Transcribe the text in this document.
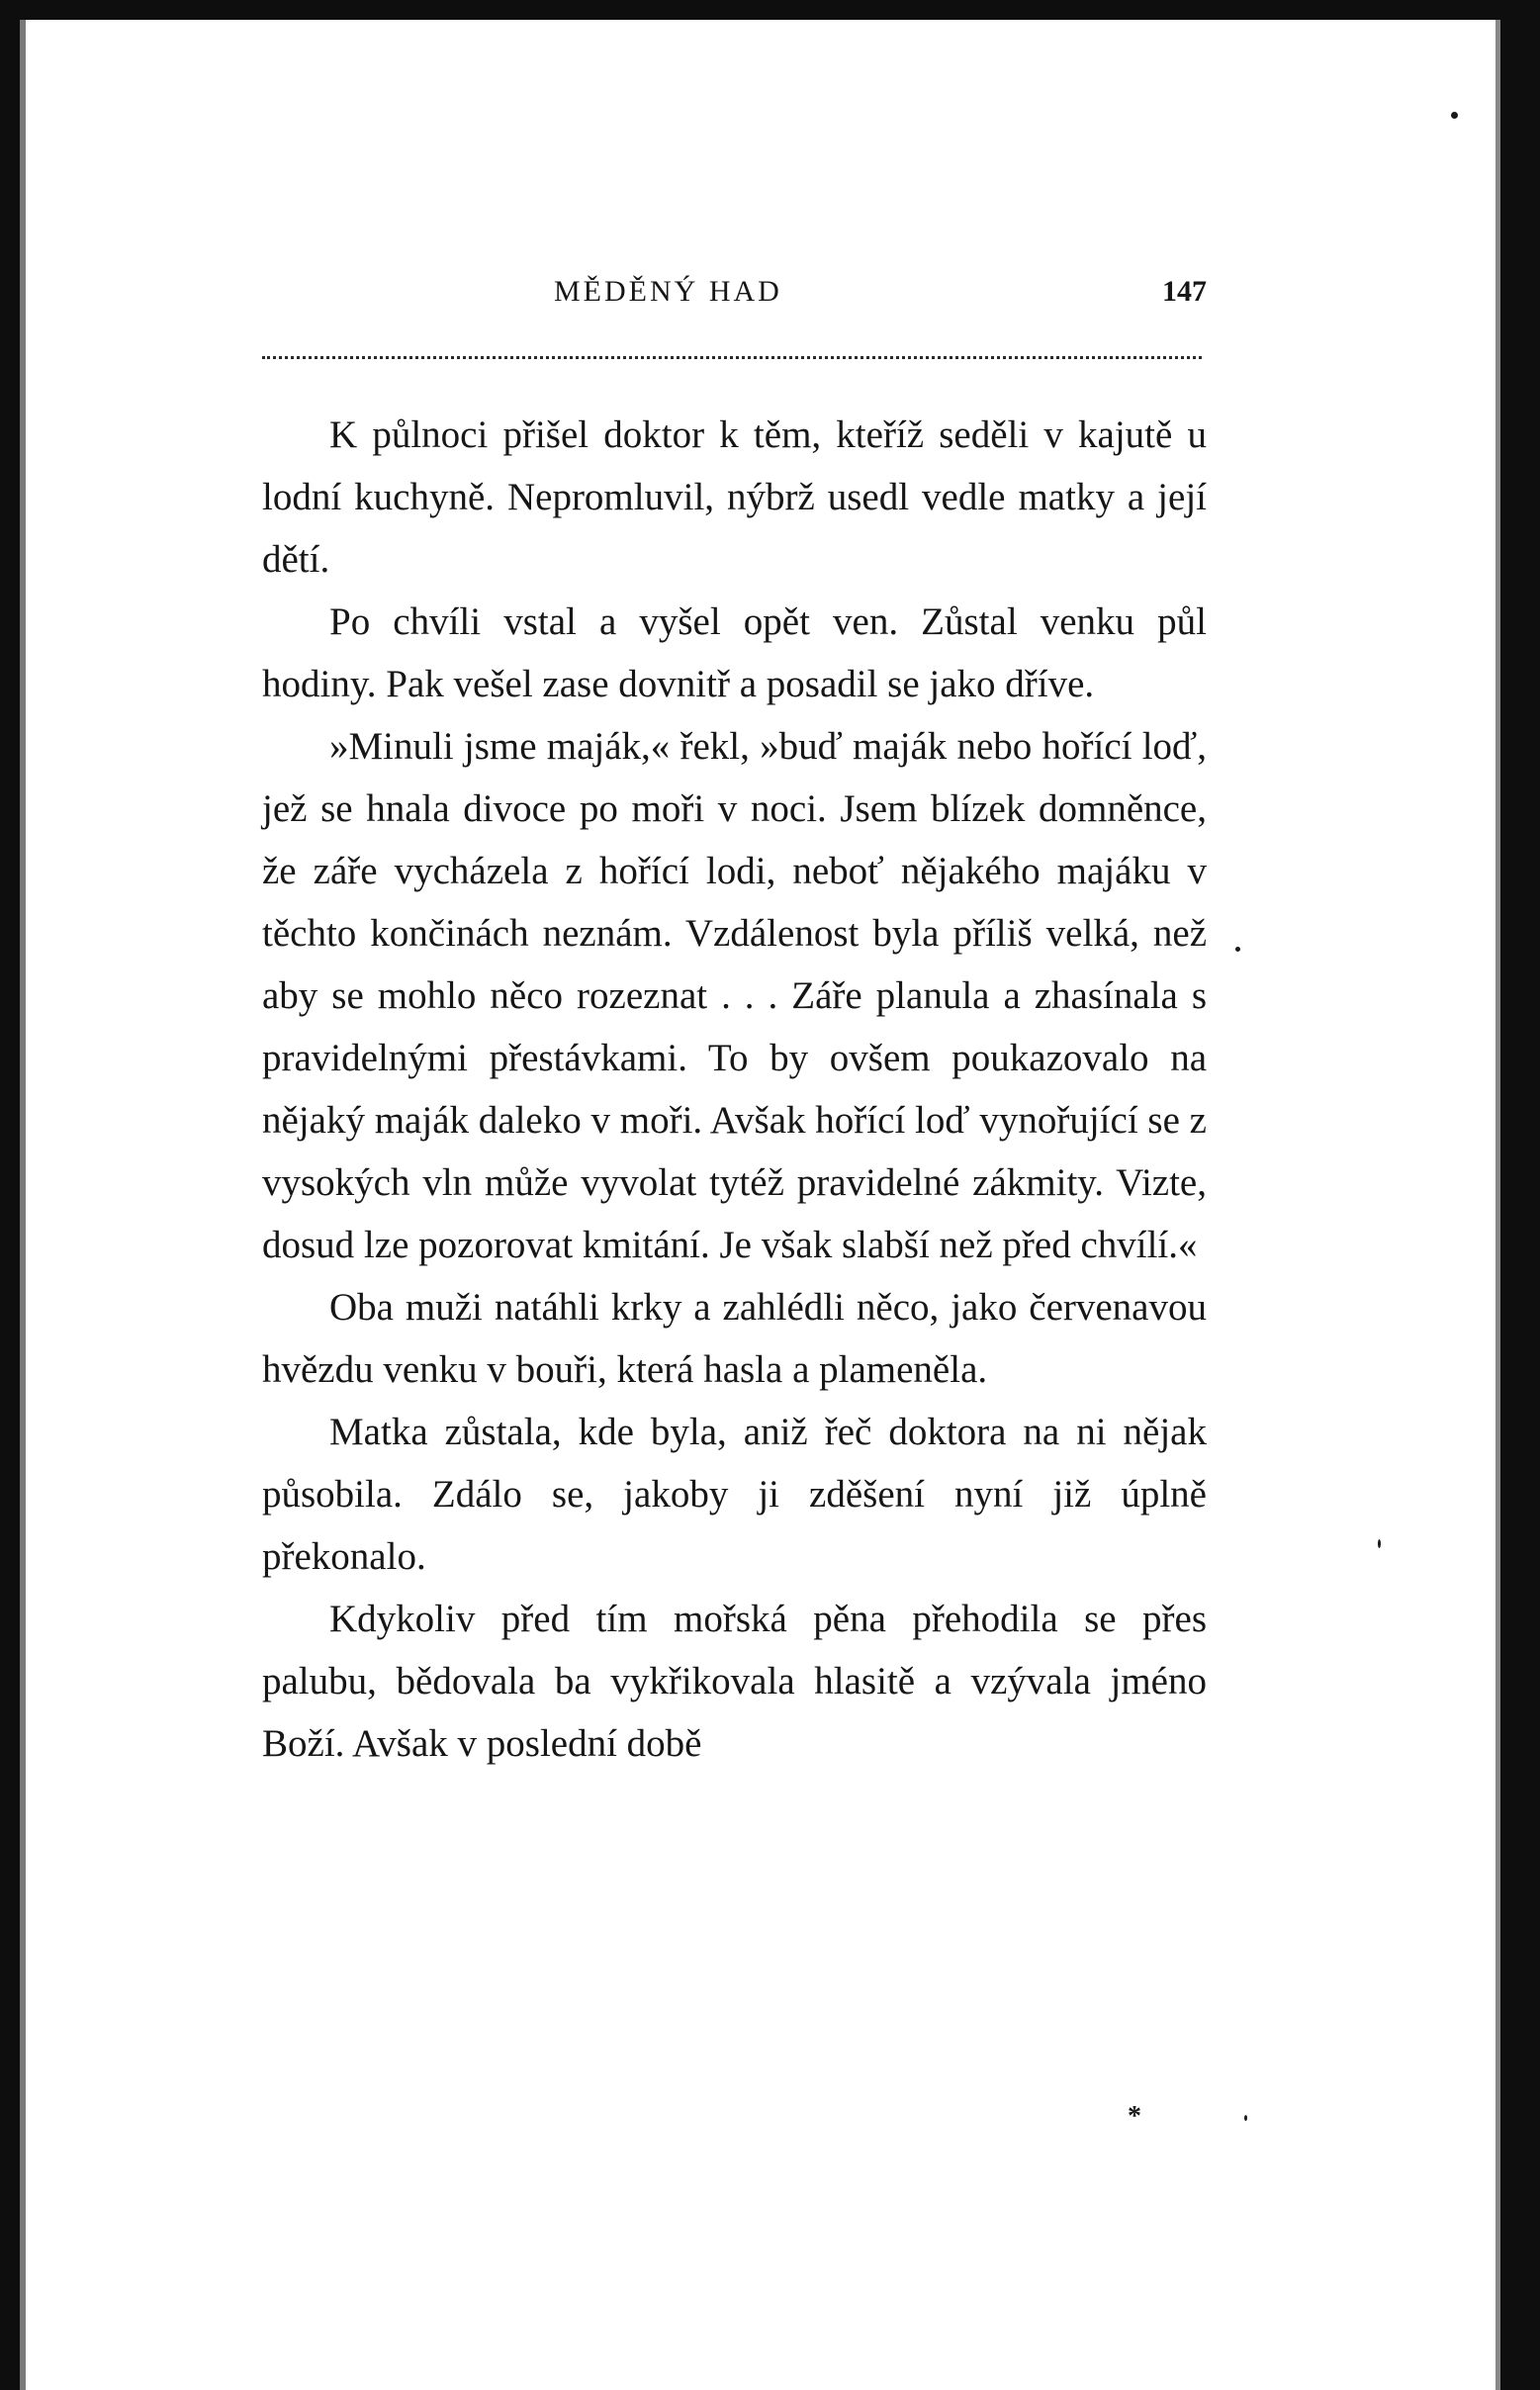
MĚDĚNÝ HAD	147

K půlnoci přišel doktor k těm, kteříž seděli v kajutě u lodní kuchyně. Nepromluvil, nýbrž usedl vedle matky a její dětí.

Po chvíli vstal a vyšel opět ven. Zůstal venku půl hodiny. Pak vešel zase dovnitř a posadil se jako dříve.

»Minuli jsme maják,« řekl, »buď maják nebo hořící loď, jež se hnala divoce po moři v noci. Jsem blízek domněnce, že záře vycházela z hořící lodi, neboť nějakého majáku v těchto končinách neznám. Vzdálenost byla příliš velká, než aby se mohlo něco rozeznat . . . Záře planula a zhasínala s pravidelnými přestávkami. To by ovšem poukazovalo na nějaký maják daleko v moři. Avšak hořící loď vynořující se z vysokých vln může vyvolat tytéž pravidelné zákmity. Vizte, dosud lze pozorovat kmitání. Je však slabší než před chvílí.«

Oba muži natáhli krky a zahlédli něco, jako červenavou hvězdu venku v bouři, která hasla a plameněla.

Matka zůstala, kde byla, aniž řeč doktora na ni nějak působila. Zdálo se, jakoby ji zděšení nyní již úplně překonalo.

Kdykoliv před tím mořská pěna přehodila se přes palubu, bědovala ba vykřikovala hlasitě a vzývala jméno Boží. Avšak v poslední době

*
